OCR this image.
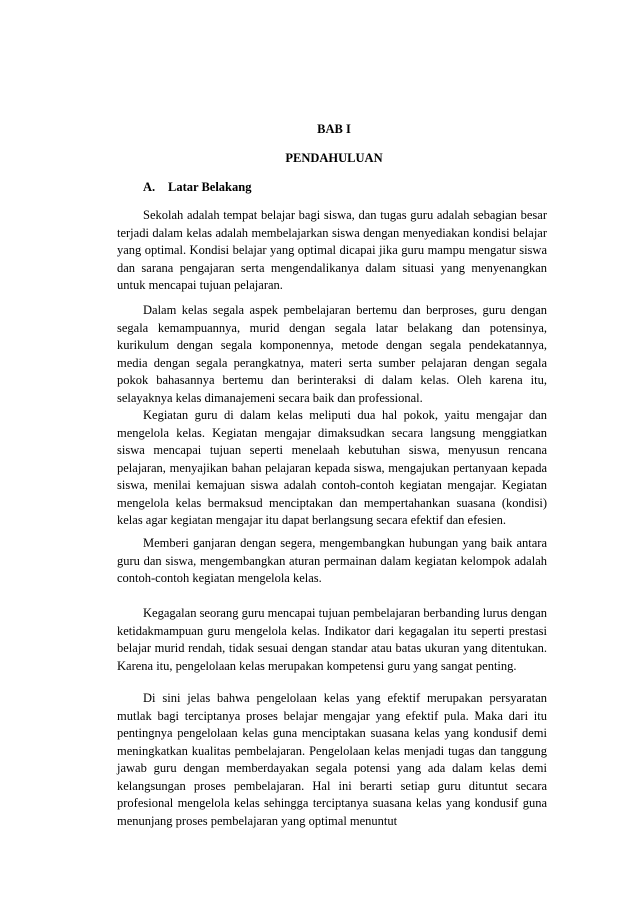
BAB I
PENDAHULUAN
A. Latar Belakang

Sekolah adalah tempat belajar bagi siswa, dan tugas guru adalah sebagian besar terjadi dalam kelas adalah membelajarkan siswa dengan menyediakan kondisi belajar yang optimal. Kondisi belajar yang optimal dicapai jika guru mampu mengatur siswa dan sarana pengajaran serta mengendalikanya dalam situasi yang menyenangkan untuk mencapai tujuan pelajaran.

Dalam kelas segala aspek pembelajaran bertemu dan berproses, guru dengan segala kemampuannya, murid dengan segala latar belakang dan potensinya, kurikulum dengan segala komponennya, metode dengan segala pendekatannya, media dengan segala perangkatnya, materi serta sumber pelajaran dengan segala pokok bahasannya bertemu dan berinteraksi di dalam kelas. Oleh karena itu, selayaknya kelas dimanajemeni secara baik dan professional.

Kegiatan guru di dalam kelas meliputi dua hal pokok, yaitu mengajar dan mengelola kelas. Kegiatan mengajar dimaksudkan secara langsung menggiatkan siswa mencapai tujuan seperti menelaah kebutuhan siswa, menyusun rencana pelajaran, menyajikan bahan pelajaran kepada siswa, mengajukan pertanyaan kepada siswa, menilai kemajuan siswa adalah contoh-contoh kegiatan mengajar. Kegiatan mengelola kelas bermaksud menciptakan dan mempertahankan suasana (kondisi) kelas agar kegiatan mengajar itu dapat berlangsung secara efektif dan efesien.

Memberi ganjaran dengan segera, mengembangkan hubungan yang baik antara guru dan siswa, mengembangkan aturan permainan dalam kegiatan kelompok adalah contoh-contoh kegiatan mengelola kelas.

Kegagalan seorang guru mencapai tujuan pembelajaran berbanding lurus dengan ketidakmampuan guru mengelola kelas. Indikator dari kegagalan itu seperti prestasi belajar murid rendah, tidak sesuai dengan standar atau batas ukuran yang ditentukan. Karena itu, pengelolaan kelas merupakan kompetensi guru yang sangat penting.

Di sini jelas bahwa pengelolaan kelas yang efektif merupakan persyaratan mutlak bagi terciptanya proses belajar mengajar yang efektif pula. Maka dari itu pentingnya pengelolaan kelas guna menciptakan suasana kelas yang kondusif demi meningkatkan kualitas pembelajaran. Pengelolaan kelas menjadi tugas dan tanggung jawab guru dengan memberdayakan segala potensi yang ada dalam kelas demi kelangsungan proses pembelajaran. Hal ini berarti setiap guru dituntut secara profesional mengelola kelas sehingga terciptanya suasana kelas yang kondusif guna menunjang proses pembelajaran yang optimal menuntut
